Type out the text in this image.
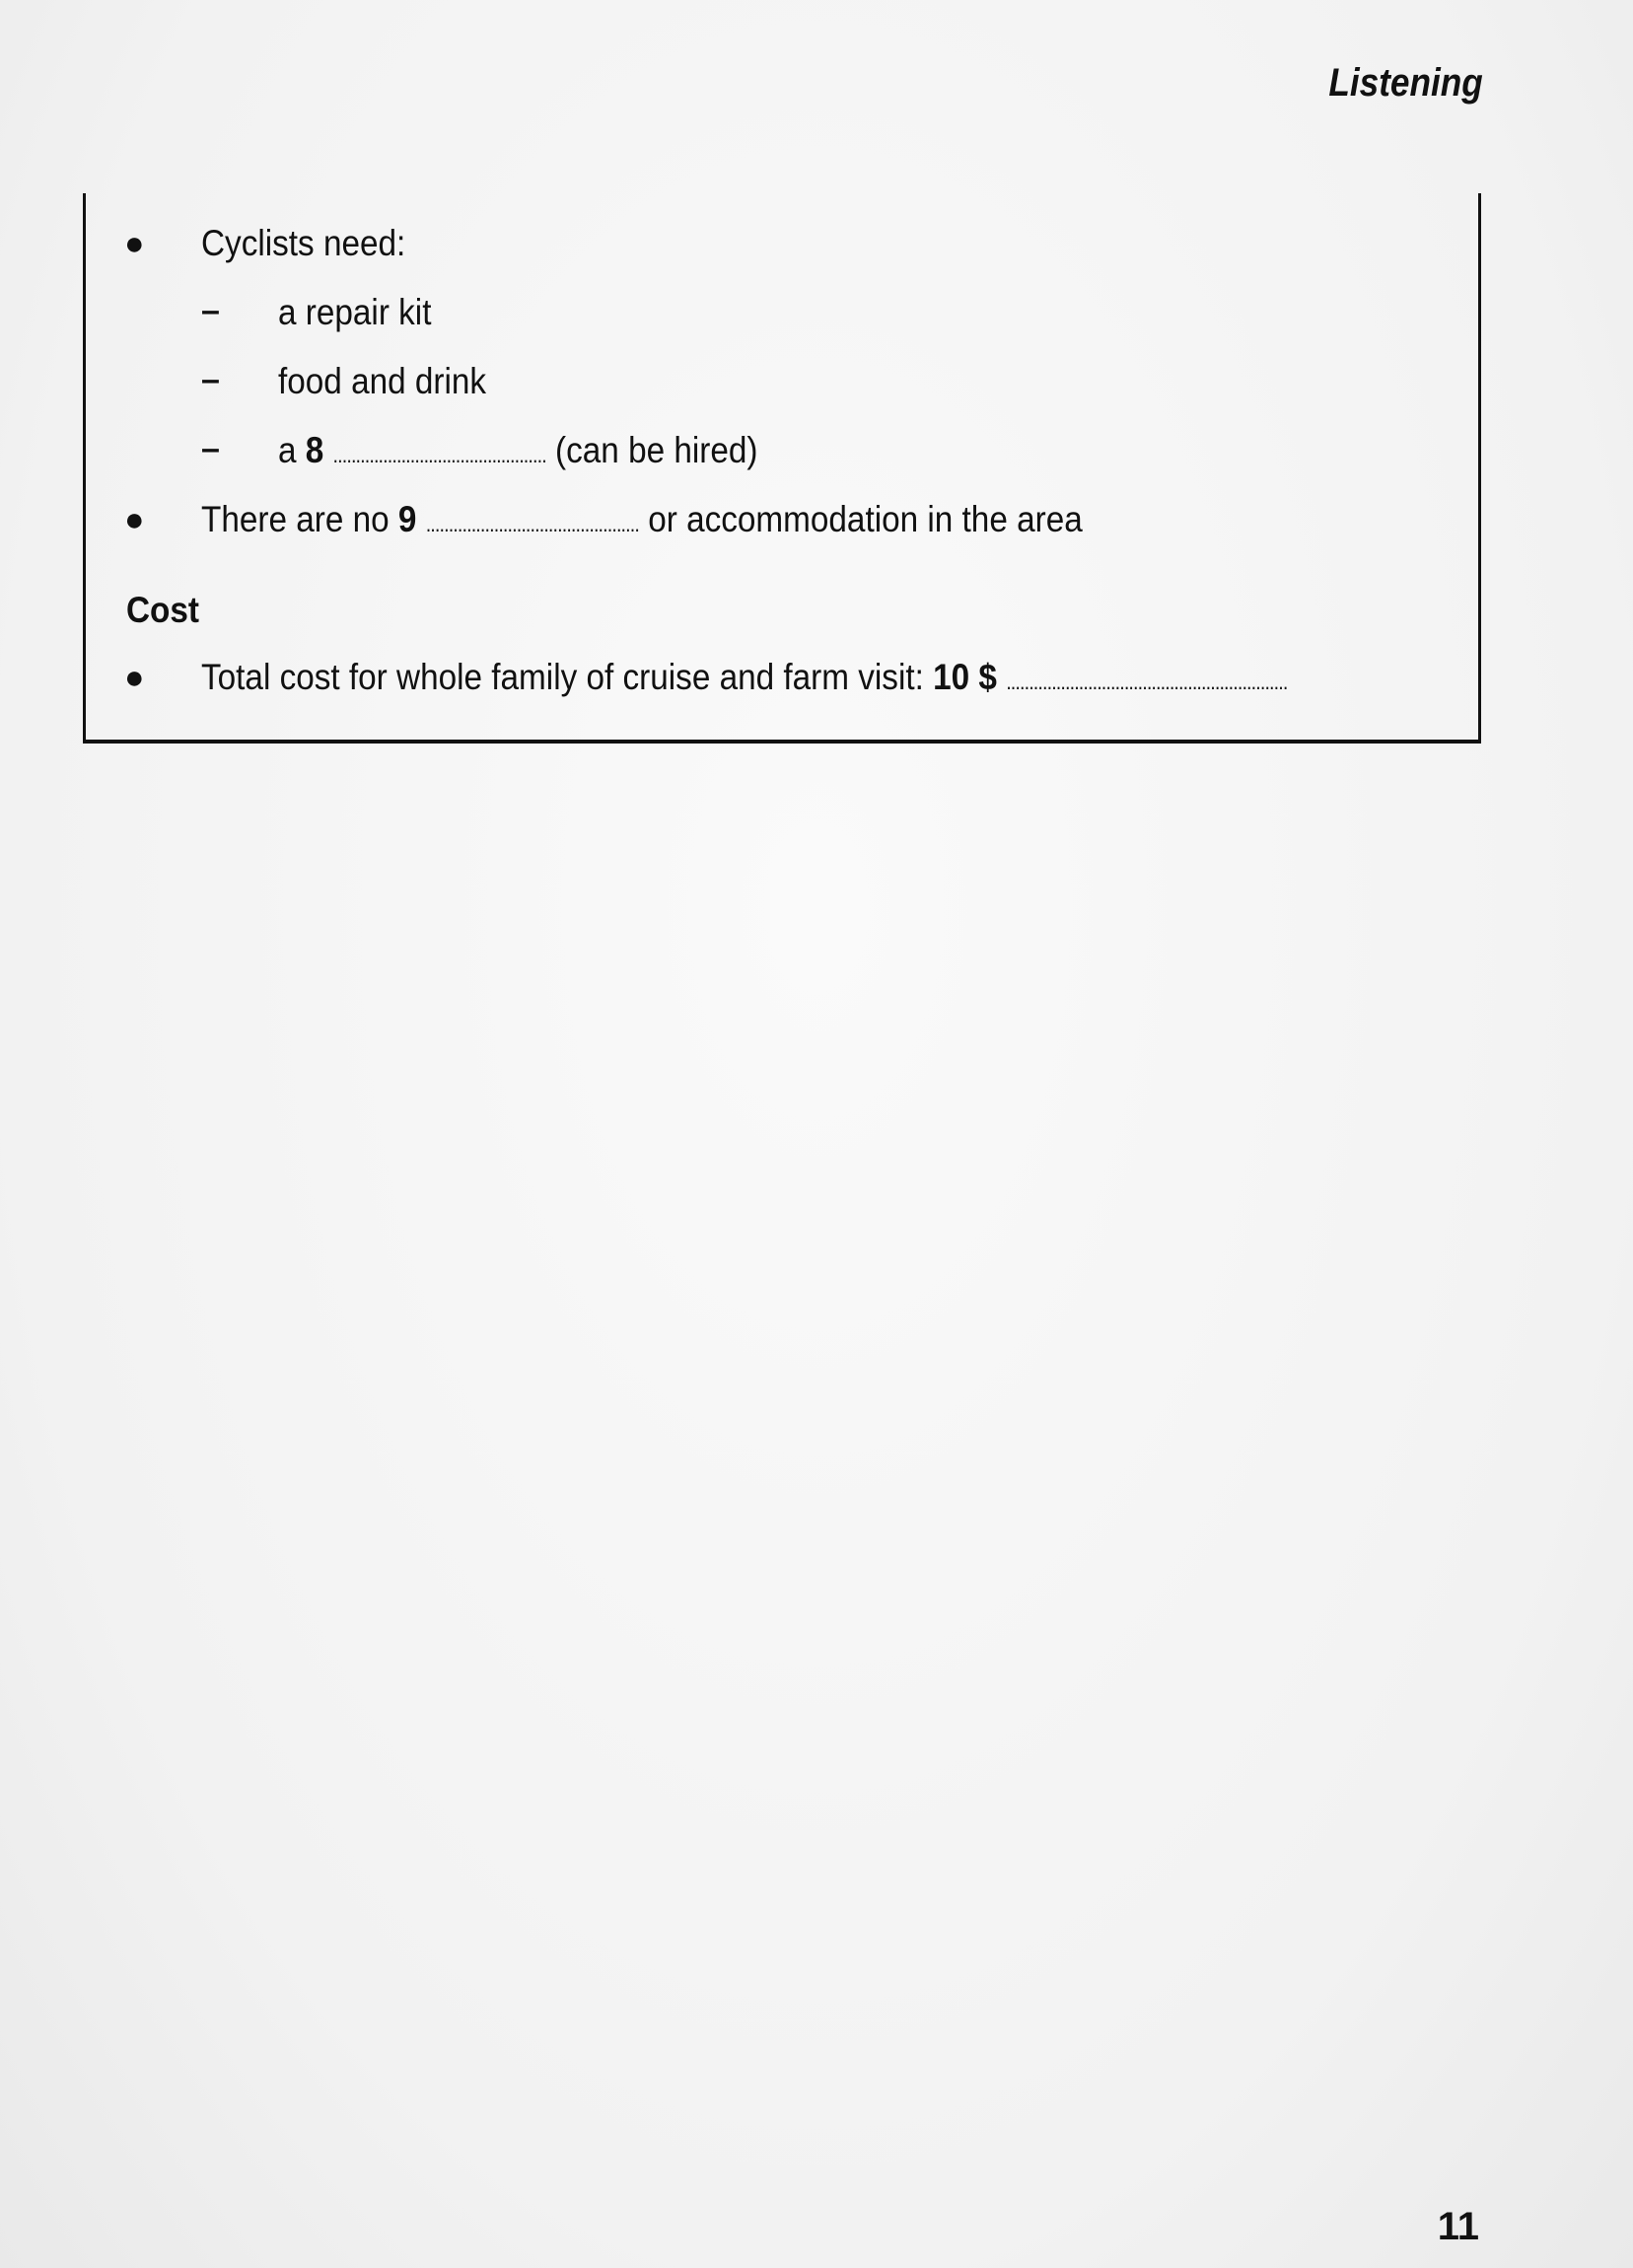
Listening
● Cyclists need:
– a repair kit
– food and drink
– a 8 ............................................... (can be hired)
● There are no 9 ............................................... or accommodation in the area
Cost
● Total cost for whole family of cruise and farm visit: 10 $ ..............................................................
11
